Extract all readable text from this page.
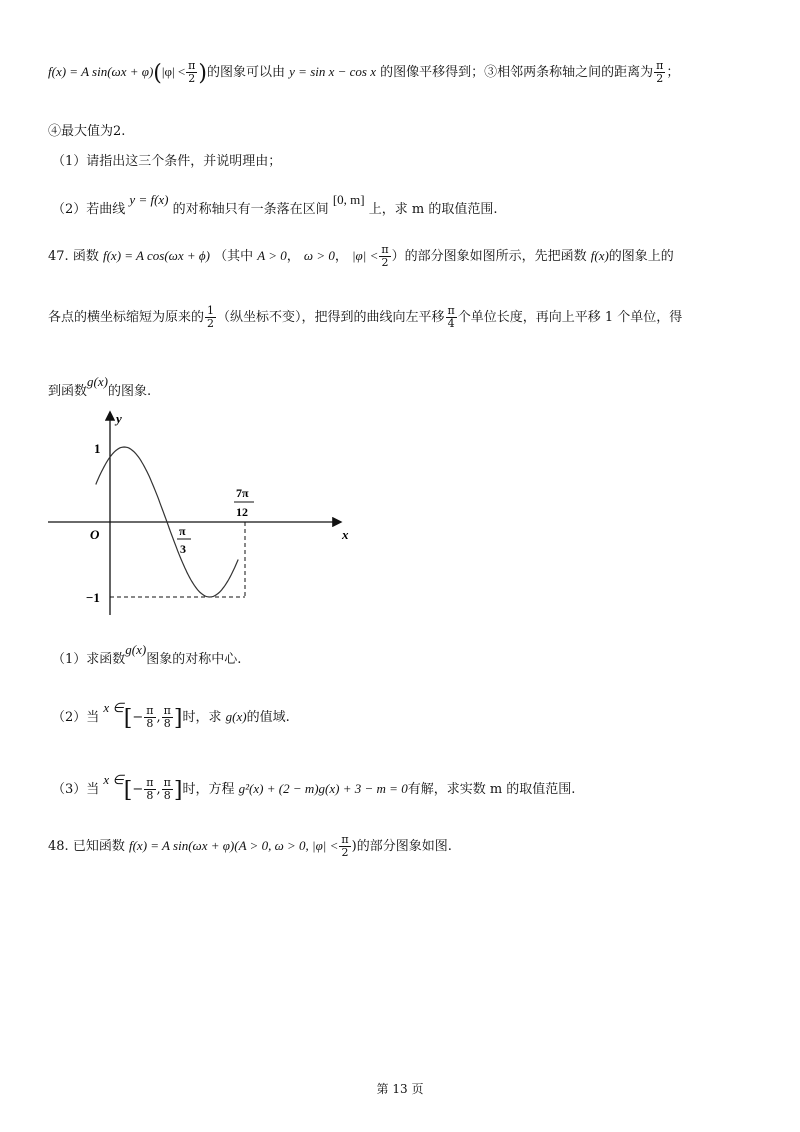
f(x) = A $\sin(\omega x + \varphi)(|\varphi| < \frac{\pi}{2}$ )的图象可以由 y = sin x − cos x 的图像平移得到；③相邻两条称轴之间的距离为 $\frac{\pi}{2}$ ；
④最大值为2.
（1）请指出这三个条件，并说明理由；
（2）若曲线 y = f(x) 的对称轴只有一条落在区间 [0, m] 上，求 m 的取值范围.
47. 函数 f(x) = A cos(ωx + ϕ) （其中 A > 0， ω > 0， $|\varphi| < \frac{\pi}{2}$ ）的部分图象如图所示，先把函数 f(x)的图象上的
各点的横坐标缩短为原来的 $\frac{1}{2}$ （纵坐标不变），把得到的曲线向左平移 $\frac{\pi}{4}$ 个单位长度，再向上平移 1 个单位，得
到函数g(x)的图象.
y
x
O
1
−1
π
3
7π
12
（1）求函数g(x)图象的对称中心.
（2）当 x ∈[− $\frac{\pi}{8}$ , $\frac{\pi}{8}$ ]时，求 g(x)的值域.
（3）当 x ∈[− $\frac{\pi}{8}$ , $\frac{\pi}{8}$ ]时，方程 g²(x) + (2 − m)g(x) + 3 − m = 0有解，求实数 m 的取值范围.
48. 已知函数 f(x) = A sin(ωx + φ)(A > 0, ω > 0, $|\varphi| < \frac{\pi}{2}$ )的部分图象如图.
第 13 页
